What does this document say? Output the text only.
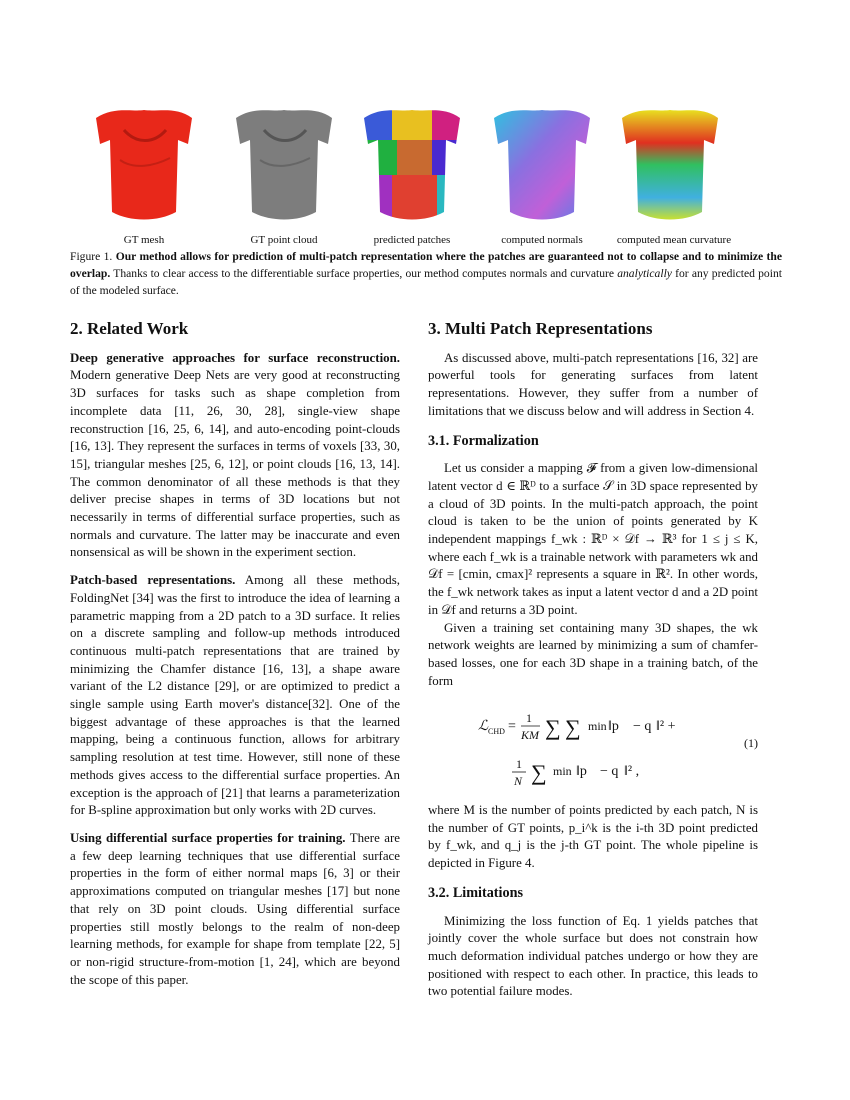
GT mesh	GT point cloud	predicted patches	computed normals	computed mean curvature
Figure 1. Our method allows for prediction of multi-patch representation where the patches are guaranteed not to collapse and to minimize the overlap. Thanks to clear access to the differentiable surface properties, our method computes normals and curvature analytically for any predicted point of the modeled surface.
2. Related Work

Deep generative approaches for surface reconstruction. Modern generative Deep Nets are very good at reconstructing 3D surfaces for tasks such as shape completion from incomplete data [11, 26, 30, 28], single-view shape reconstruction [16, 25, 6, 14], and auto-encoding point-clouds [16, 13]. They represent the surfaces in terms of voxels [33, 30, 15], triangular meshes [25, 6, 12], or point clouds [16, 13, 14]. The common denominator of all these methods is that they deliver precise shapes in terms of 3D locations but not necessarily in terms of differential surface properties, such as normals and curvature. The latter may be inaccurate and even nonsensical as will be shown in the experiment section.

Patch-based representations. Among all these methods, FoldingNet [34] was the first to introduce the idea of learning a parametric mapping from a 2D patch to a 3D surface. It relies on a discrete sampling and follow-up methods introduced continuous multi-patch representations that are trained by minimizing the Chamfer distance [16, 13], a shape aware variant of the L2 distance [29], or are optimized to predict a single sample using Earth mover's distance[32]. One of the biggest advantage of these approaches is that the learned mapping, being a continuous function, allows for arbitrary sampling resolution at test time. However, still none of these methods gives access to the differential surface properties. An exception is the approach of [21] that learns a parameterization for B-spline approximation but only works with 2D curves.

Using differential surface properties for training. There are a few deep learning techniques that use differential surface properties in the form of either normal maps [6, 3] or their approximations computed on triangular meshes [17] but none that rely on 3D point clouds. Using differential surface properties still mostly belongs to the realm of non-deep learning methods, for example for shape from template [22, 5] or non-rigid structure-from-motion [1, 24], which are beyond the scope of this paper.

3. Multi Patch Representations

As discussed above, multi-patch representations [16, 32] are powerful tools for generating surfaces from latent representations. However, they suffer from a number of limitations that we discuss below and will address in Section 4.

3.1. Formalization

Let us consider a mapping 𝓕 from a given low-dimensional latent vector d ∈ ℝᴰ to a surface 𝒮 in 3D space represented by a cloud of 3D points. In the multi-patch approach, the point cloud is taken to be the union of points generated by K independent mappings f_wk : ℝᴰ × 𝒟f → ℝ³ for 1 ≤ j ≤ K, where each f_wk is a trainable network with parameters wk and 𝒟f = [cmin, cmax]² represents a square in ℝ². In other words, the f_wk network takes as input a latent vector d and a 2D point in 𝒟f and returns a 3D point.

Given a training set containing many 3D shapes, the wk network weights are learned by minimizing a sum of chamfer-based losses, one for each 3D shape in a training batch, of the form

ℒ CHD =
1
KM ∑ ∑ min ‖p − q ‖² +
1
N ∑ min ‖p − q ‖² ,
(1)

where M is the number of points predicted by each patch, N is the number of GT points, p_i^k is the i-th 3D point predicted by f_wk, and q_j is the j-th GT point. The whole pipeline is depicted in Figure 4.

3.2. Limitations

Minimizing the loss function of Eq. 1 yields patches that jointly cover the whole surface but does not constrain how much deformation individual patches undergo or how they are positioned with respect to each other. In practice, this leads to two potential failure modes.
